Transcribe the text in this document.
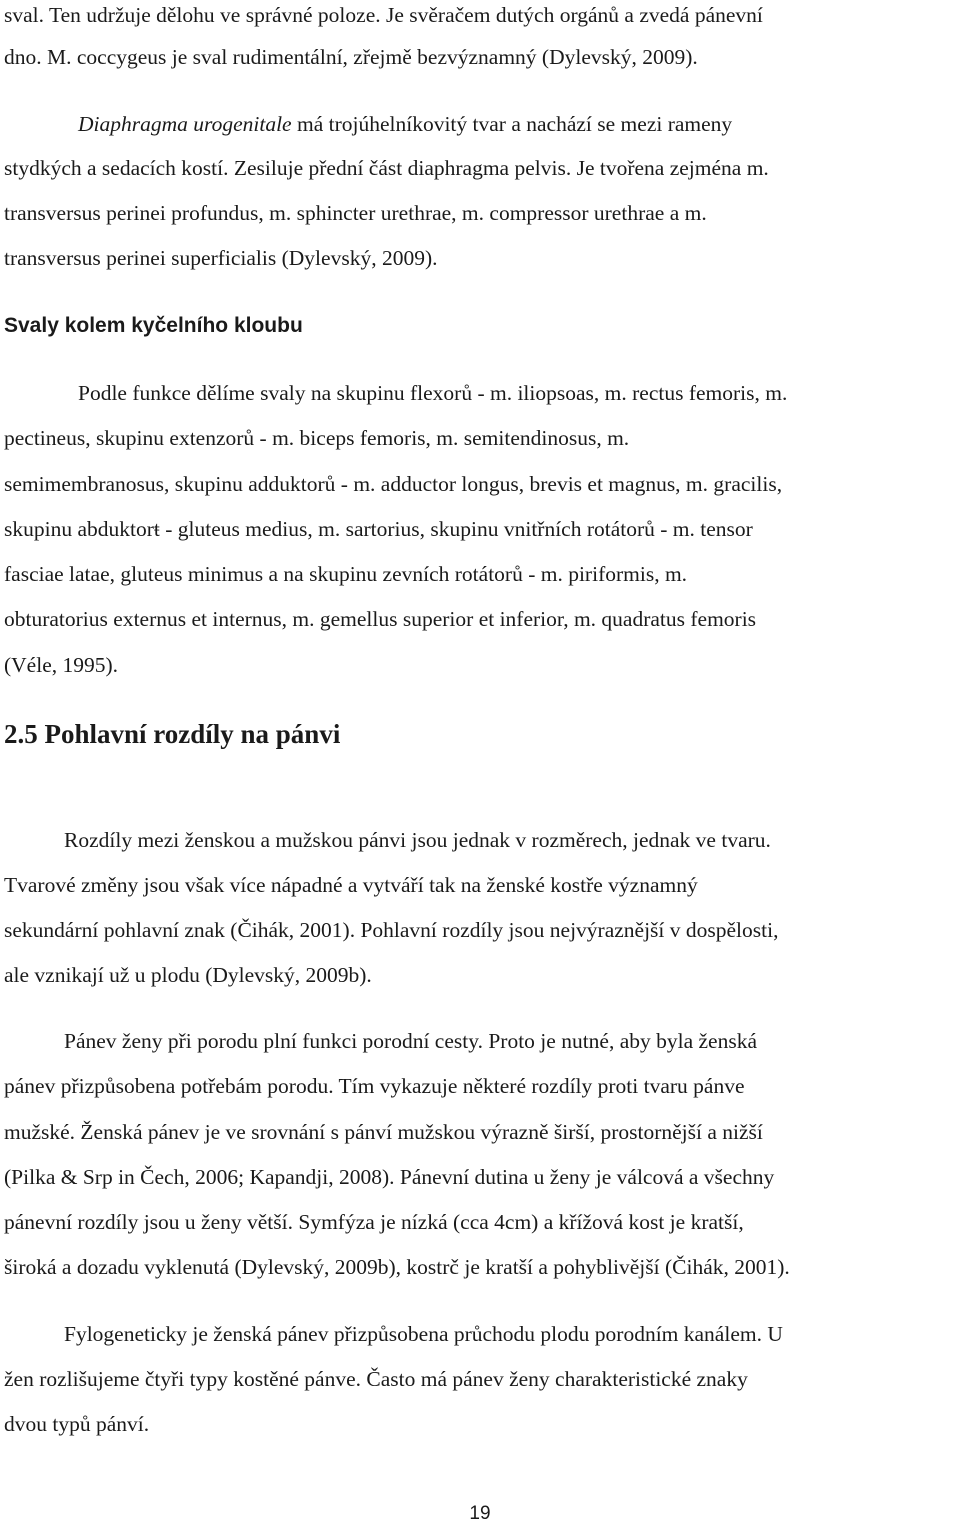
sval. Ten udržuje dělohu ve správné poloze. Je svěračem dutých orgánů a zvedá pánevní
dno. M. coccygeus je sval rudimentální, zřejmě bezvýznamný (Dylevský, 2009).
Diaphragma urogenitale má trojúhelníkovitý tvar a nachází se mezi rameny
stydkých a sedacích kostí. Zesiluje přední část diaphragma pelvis. Je tvořena zejména m.
transversus perinei profundus, m. sphincter urethrae, m. compressor urethrae a m.
transversus perinei superficialis (Dylevský, 2009).
Svaly kolem kyčelního kloubu
Podle funkce dělíme svaly na skupinu flexorů - m. iliopsoas, m. rectus femoris, m.
pectineus, skupinu extenzorů - m. biceps femoris, m. semitendinosus, m.
semimembranosus, skupinu adduktorů - m. adductor longus, brevis et magnus, m. gracilis,
skupinu abduktorŧ - gluteus medius, m. sartorius, skupinu vnitřních rotátorů - m. tensor
fasciae latae, gluteus minimus a na skupinu zevních rotátorů - m. piriformis, m.
obturatorius externus et internus, m. gemellus superior et inferior, m. quadratus femoris
(Véle, 1995).
2.5 Pohlavní rozdíly na pánvi
Rozdíly mezi ženskou a mužskou pánvi jsou jednak v rozměrech, jednak ve tvaru.
Tvarové změny jsou však více nápadné a vytváří tak na ženské kostře významný
sekundární pohlavní znak (Čihák, 2001). Pohlavní rozdíly jsou nejvýraznější v dospělosti,
ale vznikají už u plodu (Dylevský, 2009b).
Pánev ženy při porodu plní funkci porodní cesty. Proto je nutné, aby byla ženská
pánev přizpůsobena potřebám porodu. Tím vykazuje některé rozdíly proti tvaru pánve
mužské. Ženská pánev je ve srovnání s pánví mužskou výrazně širší, prostornější a nižší
(Pilka & Srp in Čech, 2006; Kapandji, 2008). Pánevní dutina u ženy je válcová a všechny
pánevní rozdíly jsou u ženy větší. Symfýza je nízká (cca 4cm) a křížová kost je kratší,
široká a dozadu vyklenutá (Dylevský, 2009b), kostrč je kratší a pohyblivější (Čihák, 2001).
Fylogeneticky je ženská pánev přizpůsobena průchodu plodu porodním kanálem. U
žen rozlišujeme čtyři typy kostěné pánve. Často má pánev ženy charakteristické znaky
dvou typů pánví.
19
